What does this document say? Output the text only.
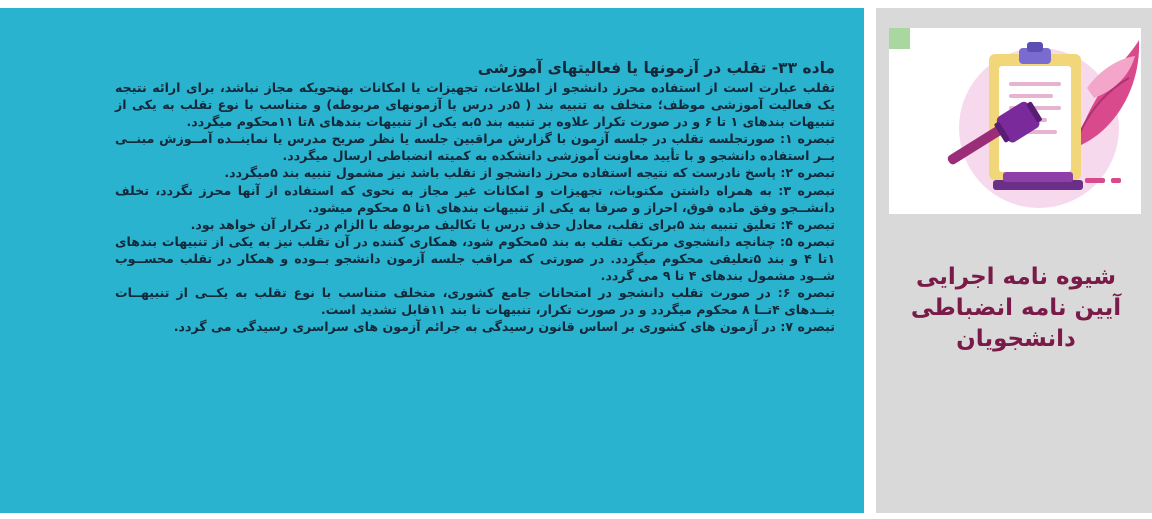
ماده ۳۳- تقلب در آزمونها یا فعالیتهای آموزشی

تقلب عبارت است از استفاده محرز دانشجو از اطلاعات، تجهیزات یا امکانات بهنحویکه مجاز نباشد، برای ارائه نتیجه یک فعالیت آموزشی موظف؛ متخلف به تنبیه بند ( ۵در درس یا آزمونهای مربوطه) و متناسب با نوع تقلب به یکی از تنبیهات بندهای ۱ تا ۶ و در صورت تکرار علاوه بر تنبیه بند ۵به یکی از تنبیهات بندهای ۸تا ۱۱محکوم میگردد.

تبصره ۱: صورتجلسه تقلب در جلسه آزمون با گزارش مراقبین جلسه یا نظر صریح مدرس یا نماینــده آمــوزش مبنــی بــر استفاده دانشجو و با تأیید معاونت آموزشی دانشکده به کمیته انضباطی ارسال میگردد.

تبصره ۲: پاسخ نادرست که نتیجه استفاده محرز دانشجو از تقلب باشد نیز مشمول تنبیه بند ۵میگردد.

تبصره ۳: به همراه داشتن مکتوبات، تجهیزات و امکانات غیر مجاز به نحوی که استفاده از آنها محرز نگردد، تخلف دانشــجو وفق ماده فوق، احراز و صرفا به یکی از تنبیهات بندهای ۱تا ۵ محکوم میشود.

تبصره ۴: تعلیق تنبیه بند ۵برای تقلب، معادل حذف درس یا تکالیف مربوطه با الزام در تکرار آن خواهد بود.

تبصره ۵: چنانچه دانشجوی مرتکب تقلب به بند ۵محکوم شود، همکاری کننده در آن تقلب نیز به یکی از تنبیهات بندهای ۱تا ۴ و بند ۵تعلیقی محکوم میگردد. در صورتی که مراقب جلسه آزمون دانشجو بــوده و همکار در تقلب محســوب شــود مشمول بندهای ۴ تا ۹ می گردد.

تبصره ۶: در صورت تقلب دانشجو در امتحانات جامع کشوری، متخلف متناسب با نوع تقلب به یکــی از تنبیهــات بنــدهای ۴تــا ۸ محکوم میگردد و در صورت تکرار، تنبیهات تا بند ۱۱قابل تشدید است.

تبصره ۷: در آزمون های کشوری بر اساس قانون رسیدگی به جرائم آزمون های سراسری رسیدگی می گردد.

شیوه نامه اجرایی
آیین نامه انضباطی
دانشجویان
